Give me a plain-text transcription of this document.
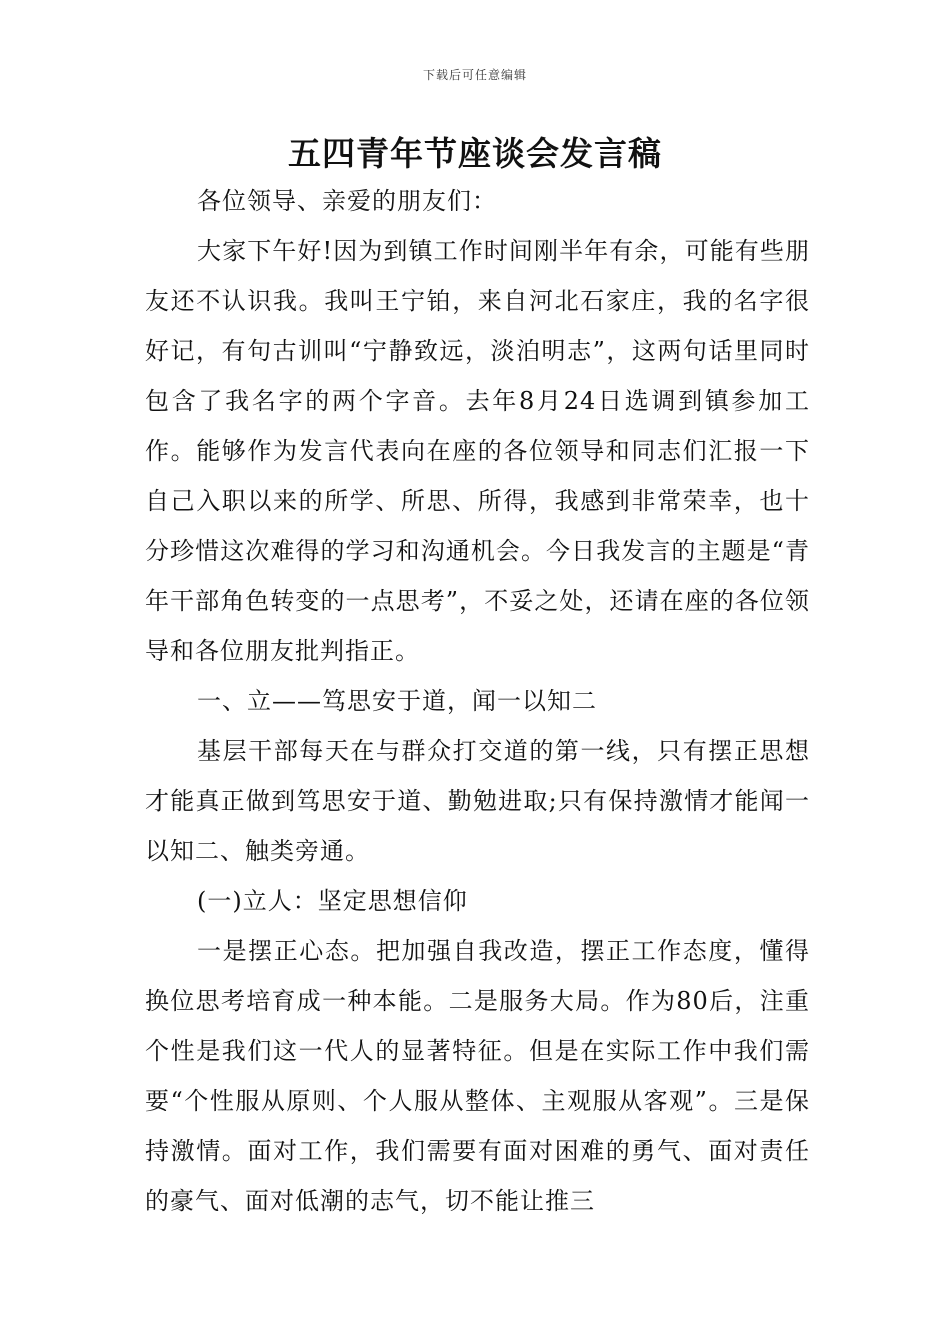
下载后可任意编辑
五四青年节座谈会发言稿

各位领导、亲爱的朋友们：

大家下午好!因为到镇工作时间刚半年有余，可能有些朋友还不认识我。我叫王宁铂，来自河北石家庄，我的名字很好记，有句古训叫“宁静致远，淡泊明志”，这两句话里同时包含了我名字的两个字音。去年8月24日选调到镇参加工作。能够作为发言代表向在座的各位领导和同志们汇报一下自己入职以来的所学、所思、所得，我感到非常荣幸，也十分珍惜这次难得的学习和沟通机会。今日我发言的主题是“青年干部角色转变的一点思考”，不妥之处，还请在座的各位领导和各位朋友批判指正。

一、立——笃思安于道，闻一以知二

基层干部每天在与群众打交道的第一线，只有摆正思想才能真正做到笃思安于道、勤勉进取;只有保持激情才能闻一以知二、触类旁通。

(一)立人：坚定思想信仰

一是摆正心态。把加强自我改造，摆正工作态度，懂得换位思考培育成一种本能。二是服务大局。作为80后，注重个性是我们这一代人的显著特征。但是在实际工作中我们需要“个性服从原则、个人服从整体、主观服从客观”。三是保持激情。面对工作，我们需要有面对困难的勇气、面对责任的豪气、面对低潮的志气，切不能让推三
